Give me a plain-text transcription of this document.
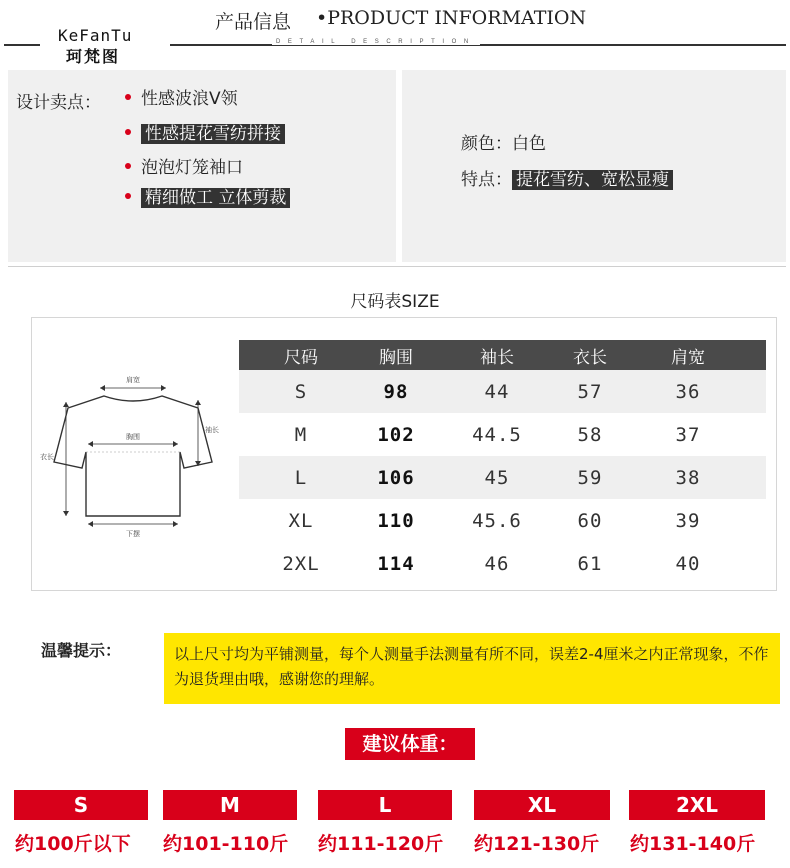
KeFanTu
珂梵图
产品信息 •PRODUCT INFORMATION
DETAIL DESCRIPTION
设计卖点：	性感波浪V领
性感提花雪纺拼接
泡泡灯笼袖口
精细做工 立体剪裁
颜色：白色
特点： 提花雪纺、宽松显瘦
尺码表SIZE
肩宽
胸围
袖长
衣长
下摆
尺码	胸围	袖长	衣长	肩宽
S	98	44	57	36
M	102	44.5	58	37
L	106	45	59	38
XL	110	45.6	60	39
2XL	114	46	61	40
温馨提示：	以上尺寸均为平铺测量，每个人测量手法测量有所不同，误差2-4厘米之内正常现象，不作为退货理由哦，感谢您的理解。
建议体重：
S	M	L	XL	2XL
约100斤以下 约101-110斤 约111-120斤 约121-130斤 约131-140斤
